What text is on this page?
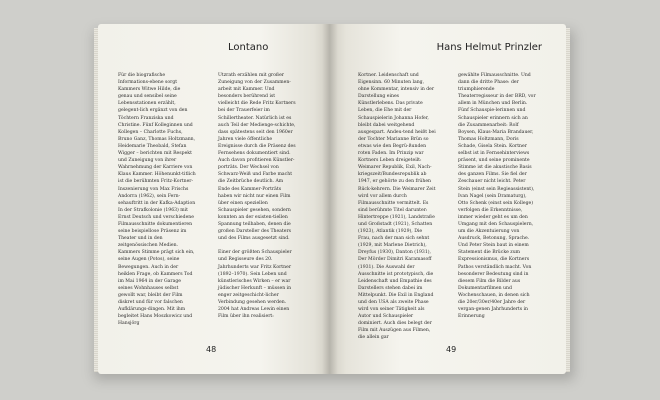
Lontano
Für die biografische Informations-ebene sorgt Kammers Witwe Hilde, die genau und sensibel seine Lebensstationen erzählt, gelegent-lich ergänzt von den Töchtern Franziska und Christine. Fünf Kolleginnen und Kollegen – Charlotte Fuchs, Bruno Ganz, Thomas Holtzmann, Heidemarie Theobald, Stefan Wigger – berichten mit Respekt und Zuneigung von ihrer Wahrnehmung der Karriere von Klaus Kammer. Höhenunkt-titlich ist die berühmten Fritz-Kortner-Inszenierung von Max Frischs Andorra (1962), sein Fern-sehauftritt in der Kafka-Adaption In der Strafkolonie (1963) mit Ernst Deutsch und verschiedene Filmausschnitte dokumentieren seine beispiellose Präsenz im Theater und in den zeitgenössischen Medien. Kammers Stimme prägt sich ein, seine Augen (Potos), seine Bewegungen. Auch in der heiklen Frage, ob Kammers Tod im Mai 1964 in der Garage seines Wohnhauses selbst gewollt war, bleibt der Film diskret und für vor falschen Aufklärungs-dingen. Mit ihm begleitet Hans Moszkowicz und Hansjörg
Utzrath erzählen mit großer Zuneigung von der Zusammen-arbeit mit Kammer. Und besonders berührend ist vielleicht die Rede Fritz Kortners bei der Trauerfeier im Schillertheater. Natürlich ist es auch Teil der Medienge-schichte, dass spätestens seit den 1960er Jahren viele öffentliche Ereignisse durch die Präsenz des Fernsehens dokumentiert sind. Auch davon profitieren Künstler-porträts. Der Wechsel von Schwarz-Weiß und Farbe macht die Zeitbrüche deutlich. Am Ende des Kammer-Porträts haben wir nicht nur einen Film über einen speziellen Schauspieler gesehen, sondern konnten an der existen-tiellen Spannung teilhaben, denen die großen Darsteller des Theaters und des Films ausgesetzt sind.

Einer der größten Schauspieler und Regisseure des 20. Jahrhunderts war Fritz Kortner (1892–1970). Sein Leben und künstlerisches Wirken – er war jüdischer Herkunft – müssen in enger zeitgeschicht-licher Verbindung gesehen werden. 2004 hat Andreas Lewin einen Film über ihn realisiert:
48
Hans Helmut Prinzler
Kortner. Leidenschaft und Eigensinn. 60 Minuten lang, ohne Kommentar, intensiv in der Darstellung eines Künstlerlebens. Das private Leben, die Ehe mit der Schauspielerin Johanna Hofer, bleibt dabei weitgehend ausgespart. Andeu-tend heißt bei der Tochter Marianne Brün so etwas wie den Begrü-ßunden roten Faden. Im Prinzip war Kortners Leben dreigeteilt: Weimarer Republik, Exil, Nach-kriegszeit/Bundesrepublik ab 1947, er gehörte zu den frühen Rück-kehrern. Die Weimarer Zeit wird vor allem durch Filmausschnitte vermittelt. Es sind berühmte Titel darunter: Hintertreppe (1921), Landstraße und Großstadt (1921), Schatten (1923), Atlantik (1929), Die Frau, nach der man sich sehnt (1929, mit Marlene Dietrich), Dreyfus (1930), Danton (1931), Der Mörder Dimitri Karamasoff (1931). Die Auswahl der Ausschnitte ist prototypisch, die Leidenschaft und Empathie des Darstellers stehen dabei im Mittelpunkt. Die Exil in England und den USA als zweite Phase wird von seiner Tätigkeit als Autor und Schauspieler dominiert. Auch dies belegt der Film mit Auszügen aus Filmen, die allein gar
gewählte Filmausschnitte. Und dann die dritte Phase: der triumphierende Theaterregisseur in der BRD, vor allem in München und Berlin. Fünf Schauspie-lerinnen und Schauspieler erinnern sich an die Zusammenarbeit: Rolf Boysen, Klaus-Maria Brandauer, Thomas Holtzmann, Doris Schade, Gisela Stein. Kortner selbst ist in Fernsehinterviews präsent, und seine prominente Stimme ist die akustische Basis des ganzen Films. Sie fiel der Zeschauer nicht leicht. Peter Stein (einst sein Regieassistent), Ivan Nagel (sein Dramaturg), Otto Schenk (einst sein Kollege) verfolgen die Erkenntnisse, immer wieder geht es um den Umgang mit den Schauspielern, um die Akzentuierung von Ausdruck, Betonung, Sprache. Und Peter Stein baut in einem Statement die Brücke zum Expressionismus, die Kortners Pathos verständlich macht. Von besonderer Bedeutung sind in diesem Film die Bilder aus Dokumentarfilmen und Wochenschauen, in denen sich die 20er/30er/40er Jahre der vergan-genen Jahrhunderts in Erinnerung
49
